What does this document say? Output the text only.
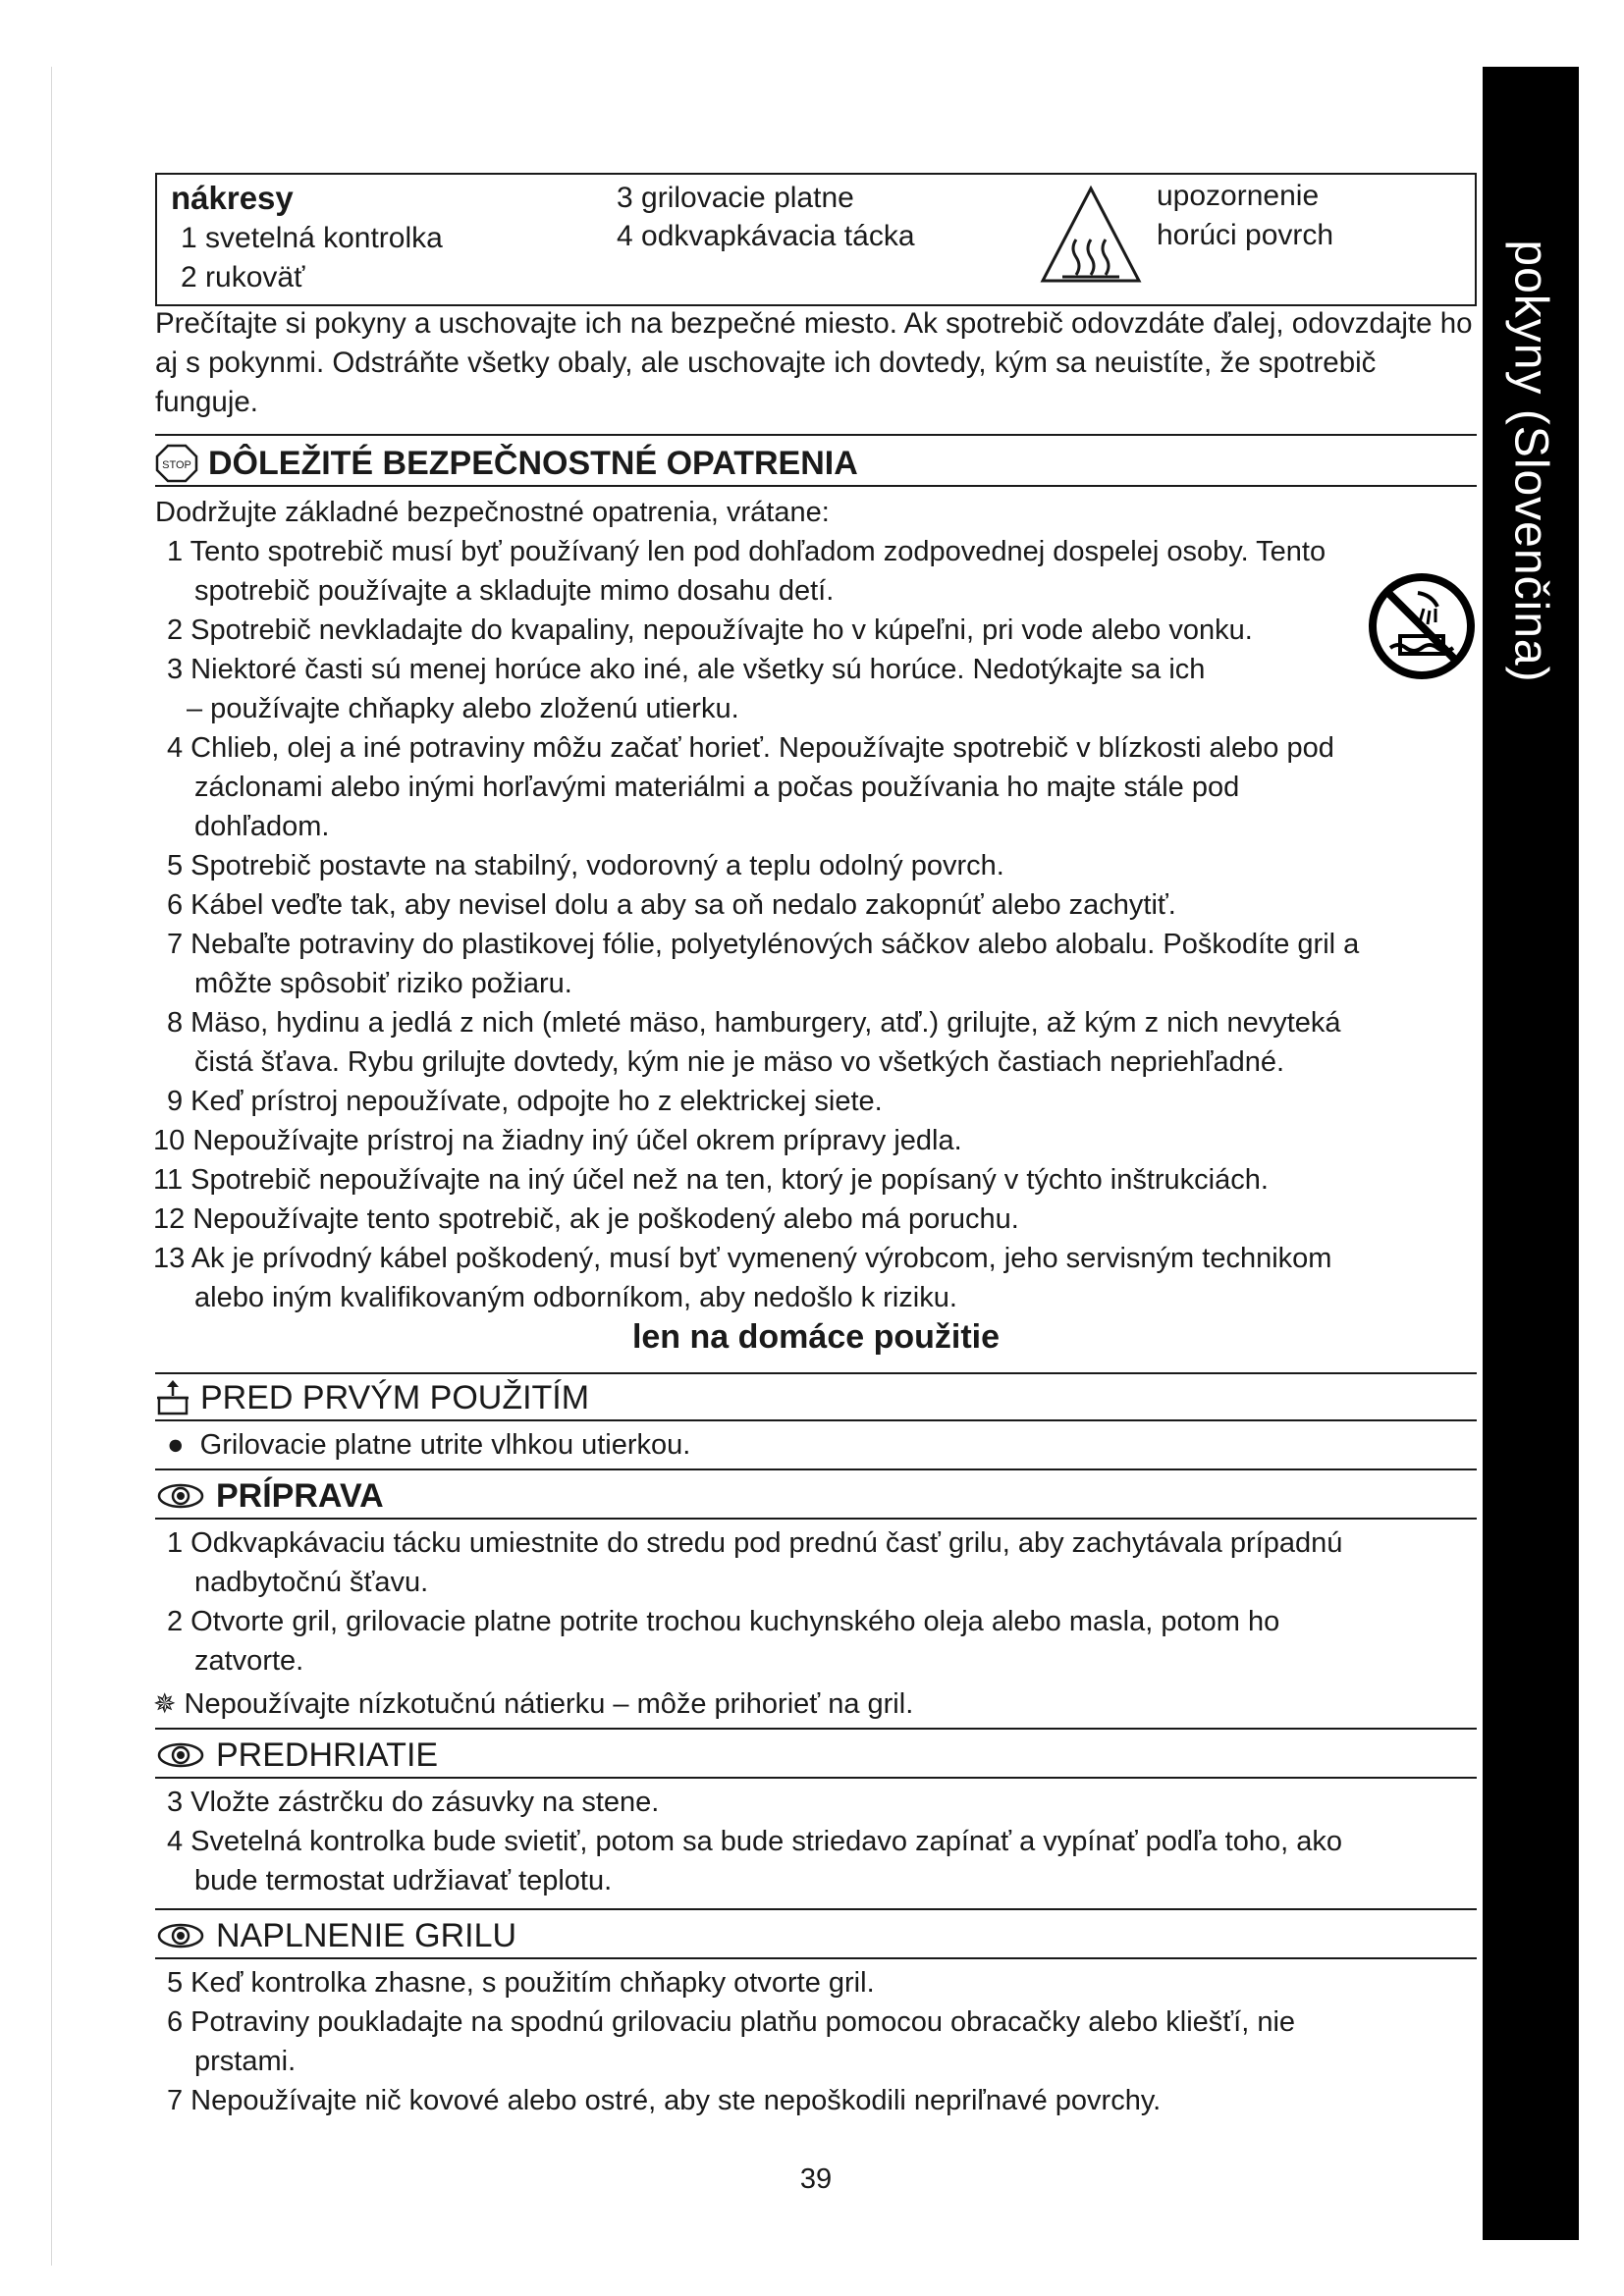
pokyny (Slovenčina)
nákresy
1 svetelná kontrolka
2 rukoväť
3 grilovacie platne
4 odkvapkávacia tácka
upozornenie
horúci povrch
Prečítajte si pokyny a uschovajte ich na bezpečné miesto. Ak spotrebič odovzdáte ďalej, odovzdajte ho aj s pokynmi. Odstráňte všetky obaly, ale uschovajte ich dovtedy, kým sa neuistíte, že spotrebič funguje.
STOP DÔLEŽITÉ BEZPEČNOSTNÉ OPATRENIA
Dodržujte základné bezpečnostné opatrenia, vrátane:
1 Tento spotrebič musí byť používaný len pod dohľadom zodpovednej dospelej osoby. Tento
spotrebič používajte a skladujte mimo dosahu detí.
2 Spotrebič nevkladajte do kvapaliny, nepoužívajte ho v kúpeľni, pri vode alebo vonku.
3 Niektoré časti sú menej horúce ako iné, ale všetky sú horúce. Nedotýkajte sa ich
– používajte chňapky alebo zloženú utierku.
4 Chlieb, olej a iné potraviny môžu začať horieť. Nepoužívajte spotrebič v blízkosti alebo pod
záclonami alebo inými horľavými materiálmi a počas používania ho majte stále pod
dohľadom.
5 Spotrebič postavte na stabilný, vodorovný a teplu odolný povrch.
6 Kábel veďte tak, aby nevisel dolu a aby sa oň nedalo zakopnúť alebo zachytiť.
7 Nebaľte potraviny do plastikovej fólie, polyetylénových sáčkov alebo alobalu. Poškodíte gril a
môžte spôsobiť riziko požiaru.
8 Mäso, hydinu a jedlá z nich (mleté mäso, hamburgery, atď.) grilujte, až kým z nich nevyteká
čistá šťava. Rybu grilujte dovtedy, kým nie je mäso vo všetkých častiach nepriehľadné.
9 Keď prístroj nepoužívate, odpojte ho z elektrickej siete.
10 Nepoužívajte prístroj na žiadny iný účel okrem prípravy jedla.
11 Spotrebič nepoužívajte na iný účel než na ten, ktorý je popísaný v týchto inštrukciách.
12 Nepoužívajte tento spotrebič, ak je poškodený alebo má poruchu.
13 Ak je prívodný kábel poškodený, musí byť vymenený výrobcom, jeho servisným technikom
alebo iným kvalifikovaným odborníkom, aby nedošlo k riziku.
len na domáce použitie
PRED PRVÝM POUŽITÍM
● Grilovacie platne utrite vlhkou utierkou.
PRÍPRAVA
1 Odkvapkávaciu tácku umiestnite do stredu pod prednú časť grilu, aby zachytávala prípadnú
nadbytočnú šťavu.
2 Otvorte gril, grilovacie platne potrite trochou kuchynského oleja alebo masla, potom ho
zatvorte.
✵ Nepoužívajte nízkotučnú nátierku – môže prihorieť na gril.
PREDHRIATIE
3 Vložte zástrčku do zásuvky na stene.
4 Svetelná kontrolka bude svietiť, potom sa bude striedavo zapínať a vypínať podľa toho, ako
bude termostat udržiavať teplotu.
NAPLNENIE GRILU
5 Keď kontrolka zhasne, s použitím chňapky otvorte gril.
6 Potraviny poukladajte na spodnú grilovaciu platňu pomocou obracačky alebo kliešťí, nie
prstami.
7 Nepoužívajte nič kovové alebo ostré, aby ste nepoškodili nepriľnavé povrchy.
39
